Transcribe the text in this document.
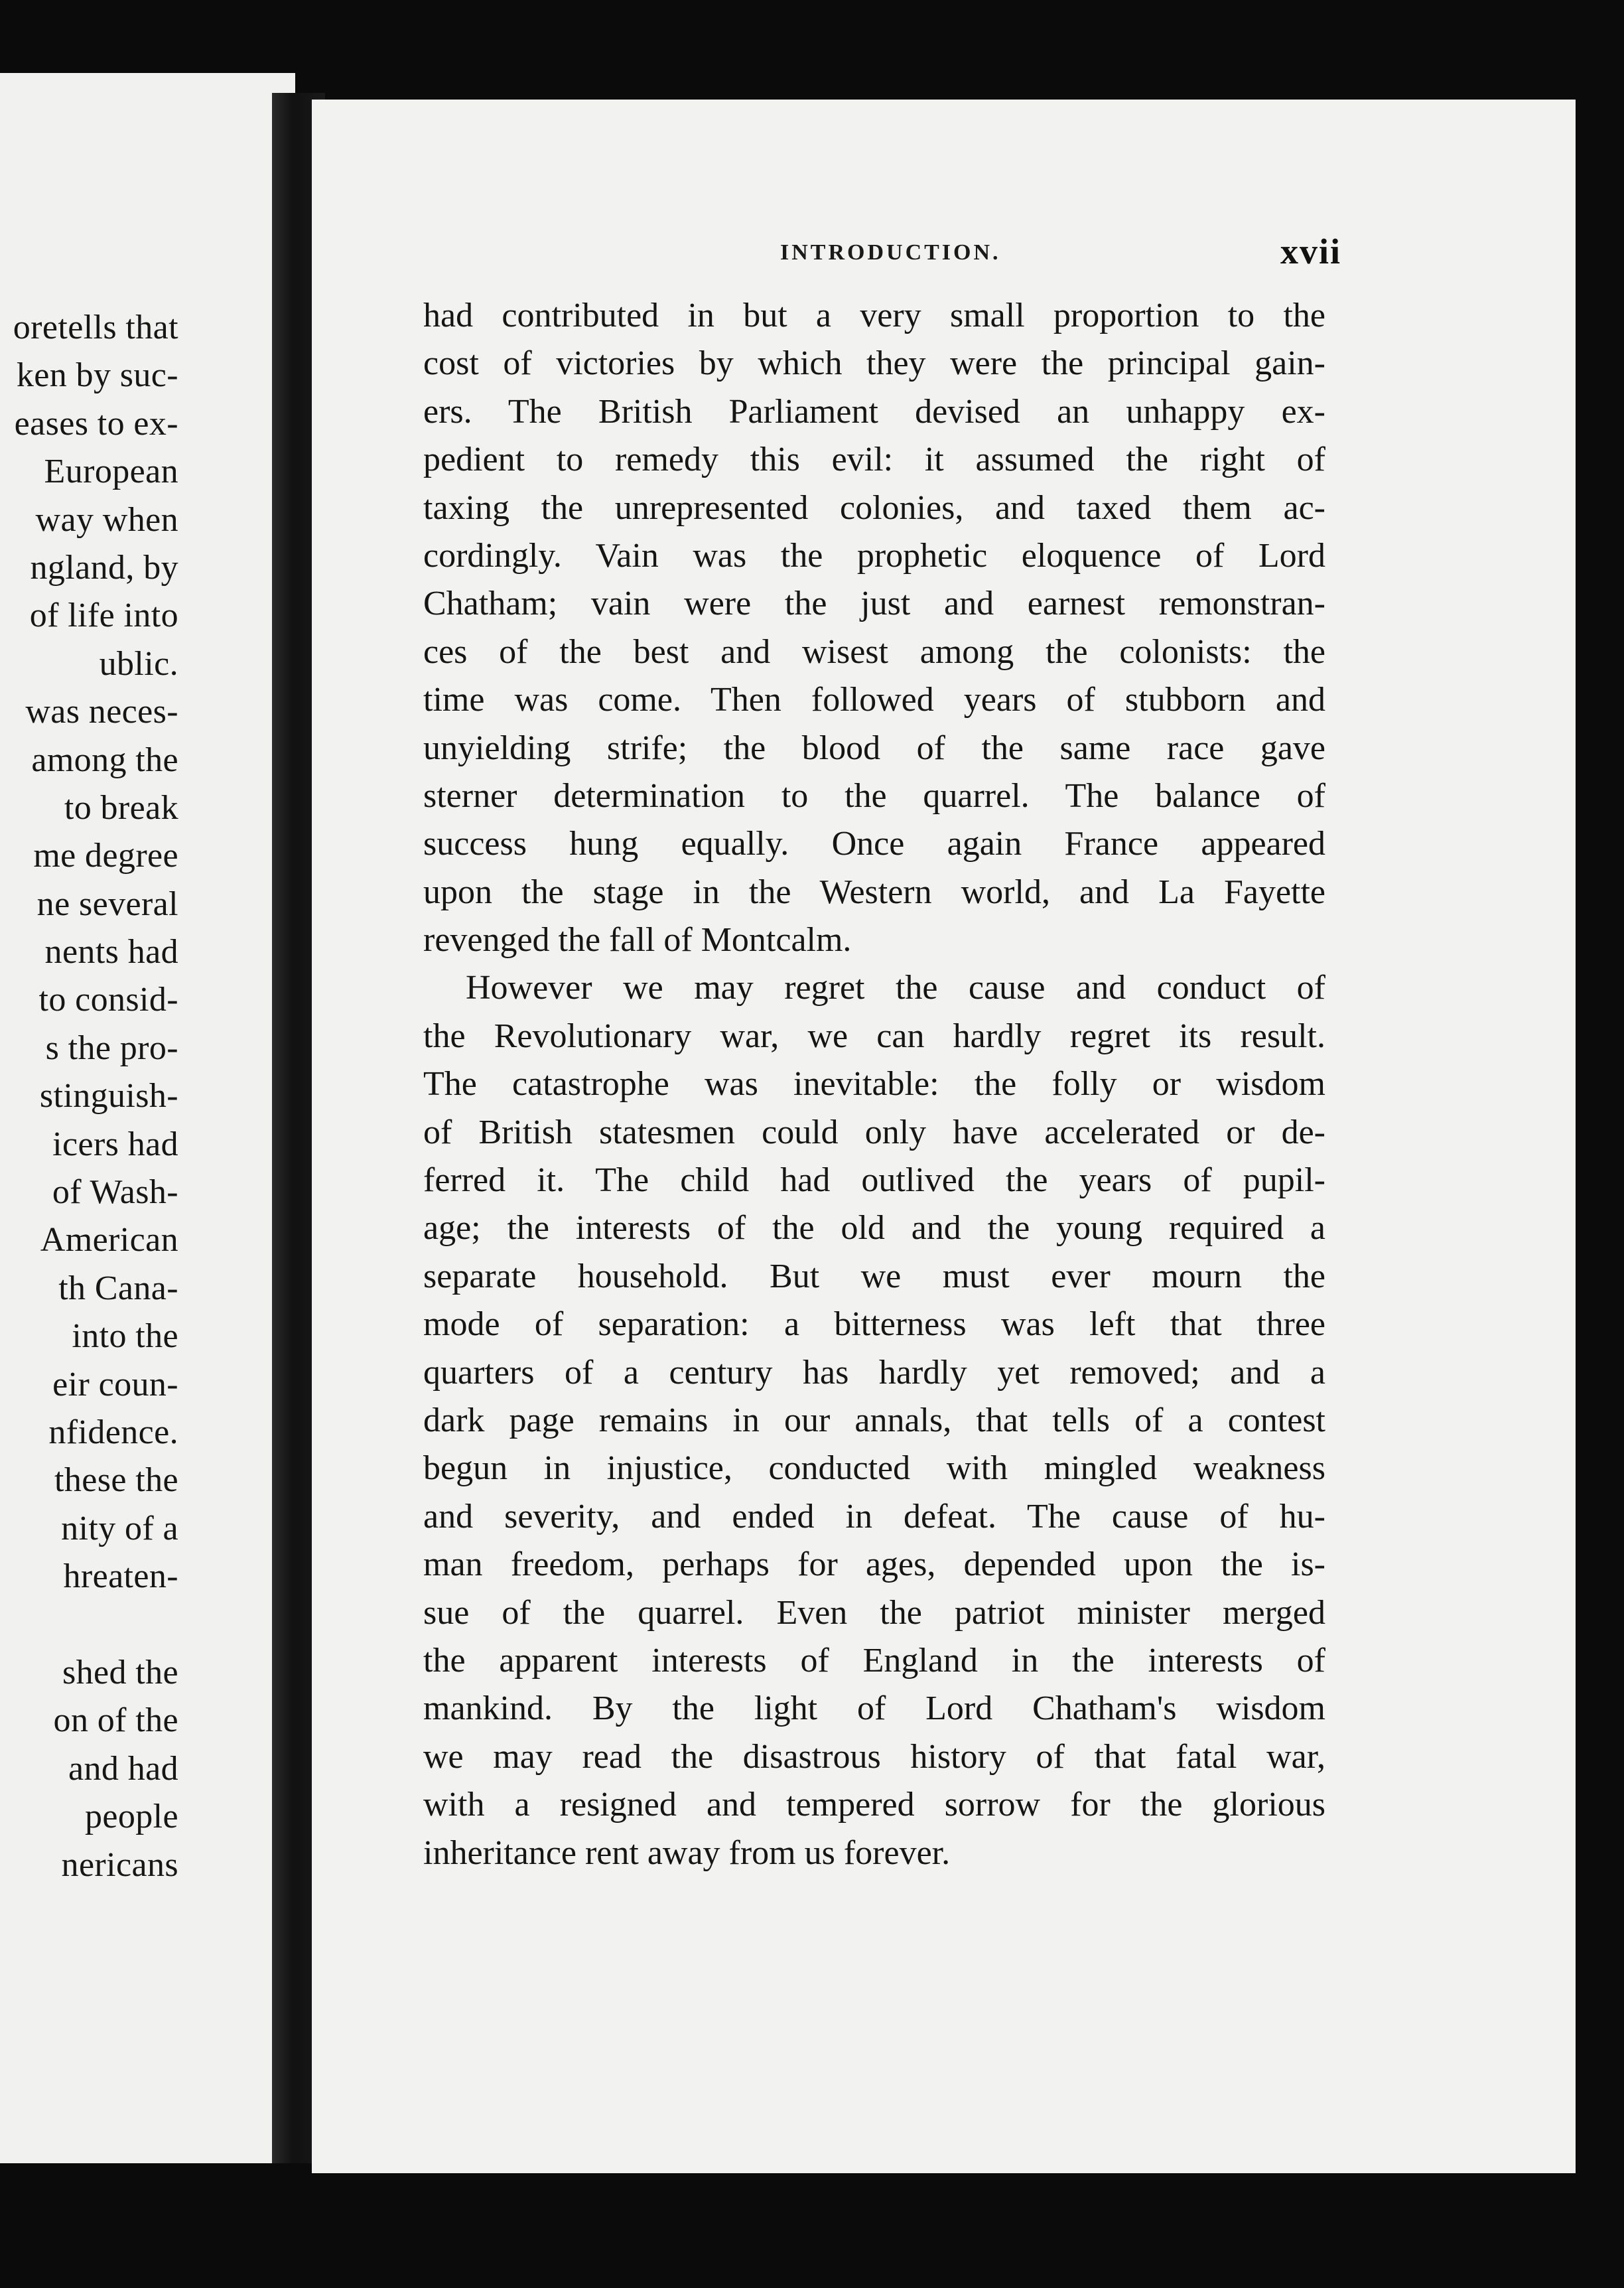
oretells that
ken by suc-
eases to ex-
European
way when
ngland, by
of life into
ublic.
was neces-
among the
to break
me degree
ne several
nents had
to consid-
s the pro-
stinguish-
icers had
of Wash-
American
th Cana-
into the
eir coun-
nfidence.
these the
nity of a
hreaten-
shed the
on of the
and had
people
nericans
INTRODUCTION.	xvii
had contributed in but a very small proportion to the
cost of victories by which they were the principal gain-
ers. The British Parliament devised an unhappy ex-
pedient to remedy this evil: it assumed the right of
taxing the unrepresented colonies, and taxed them ac-
cordingly. Vain was the prophetic eloquence of Lord
Chatham; vain were the just and earnest remonstran-
ces of the best and wisest among the colonists: the
time was come. Then followed years of stubborn and
unyielding strife; the blood of the same race gave
sterner determination to the quarrel. The balance of
success hung equally. Once again France appeared
upon the stage in the Western world, and La Fayette
revenged the fall of Montcalm.
However we may regret the cause and conduct of
the Revolutionary war, we can hardly regret its result.
The catastrophe was inevitable: the folly or wisdom
of British statesmen could only have accelerated or de-
ferred it. The child had outlived the years of pupil-
age; the interests of the old and the young required a
separate household. But we must ever mourn the
mode of separation: a bitterness was left that three
quarters of a century has hardly yet removed; and a
dark page remains in our annals, that tells of a contest
begun in injustice, conducted with mingled weakness
and severity, and ended in defeat. The cause of hu-
man freedom, perhaps for ages, depended upon the is-
sue of the quarrel. Even the patriot minister merged
the apparent interests of England in the interests of
mankind. By the light of Lord Chatham's wisdom
we may read the disastrous history of that fatal war,
with a resigned and tempered sorrow for the glorious
inheritance rent away from us forever.
